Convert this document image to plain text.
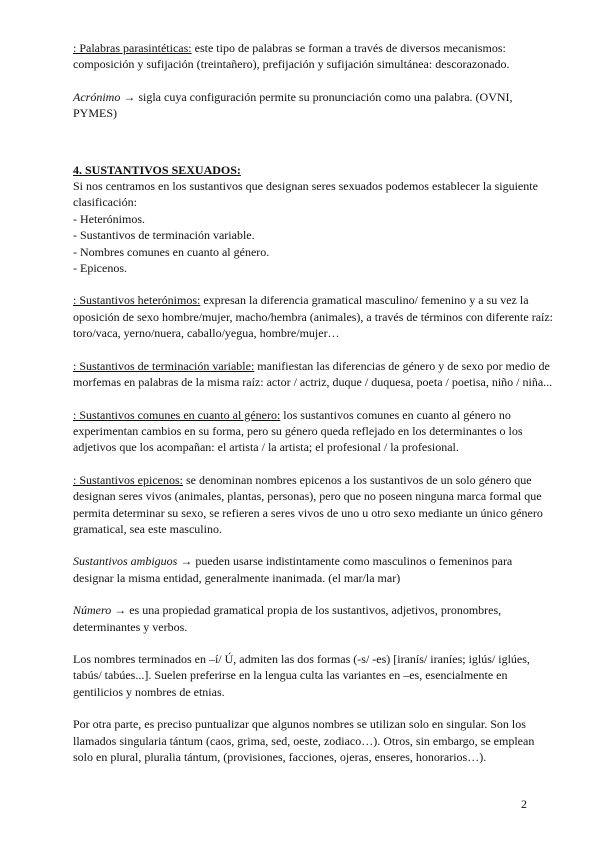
: Palabras parasintéticas: este tipo de palabras se forman a través de diversos mecanismos: composición y sufijación (treintañero), prefijación y sufijación simultánea: descorazonado.

Acrónimo → sigla cuya configuración permite su pronunciación como una palabra. (OVNI, PYMES)

4. SUSTANTIVOS SEXUADOS:

Si nos centramos en los sustantivos que designan seres sexuados podemos establecer la siguiente clasificación:

- Heterónimos.

- Sustantivos de terminación variable.

- Nombres comunes en cuanto al género.

- Epicenos.

: Sustantivos heterónimos: expresan la diferencia gramatical masculino/ femenino y a su vez la oposición de sexo hombre/mujer, macho/hembra (animales), a través de términos con diferente raíz: toro/vaca, yerno/nuera, caballo/yegua, hombre/mujer…

: Sustantivos de terminación variable: manifiestan las diferencias de género y de sexo por medio de morfemas en palabras de la misma raíz: actor / actriz, duque / duquesa, poeta / poetisa, niño / niña...

: Sustantivos comunes en cuanto al género: los sustantivos comunes en cuanto al género no experimentan cambios en su forma, pero su género queda reflejado en los determinantes o los adjetivos que los acompañan: el artista / la artista; el profesional / la profesional.

: Sustantivos epicenos: se denominan nombres epicenos a los sustantivos de un solo género que designan seres vivos (animales, plantas, personas), pero que no poseen ninguna marca formal que permita determinar su sexo, se refieren a seres vivos de uno u otro sexo mediante un único género gramatical, sea este masculino.

Sustantivos ambiguos → pueden usarse indistintamente como masculinos o femeninos para designar la misma entidad, generalmente inanimada. (el mar/la mar)

Número → es una propiedad gramatical propia de los sustantivos, adjetivos, pronombres, determinantes y verbos.

Los nombres terminados en –í/ Ú, admiten las dos formas (-s/ -es) [iranís/ iraníes; iglús/ iglúes, tabús/ tabúes...]. Suelen preferirse en la lengua culta las variantes en –es, esencialmente en gentilicios y nombres de etnias.

Por otra parte, es preciso puntualizar que algunos nombres se utilizan solo en singular. Son los llamados singularia tántum (caos, grima, sed, oeste, zodiaco…). Otros, sin embargo, se emplean solo en plural, pluralia tántum, (provisiones, facciones, ojeras, enseres, honorarios…).

2
